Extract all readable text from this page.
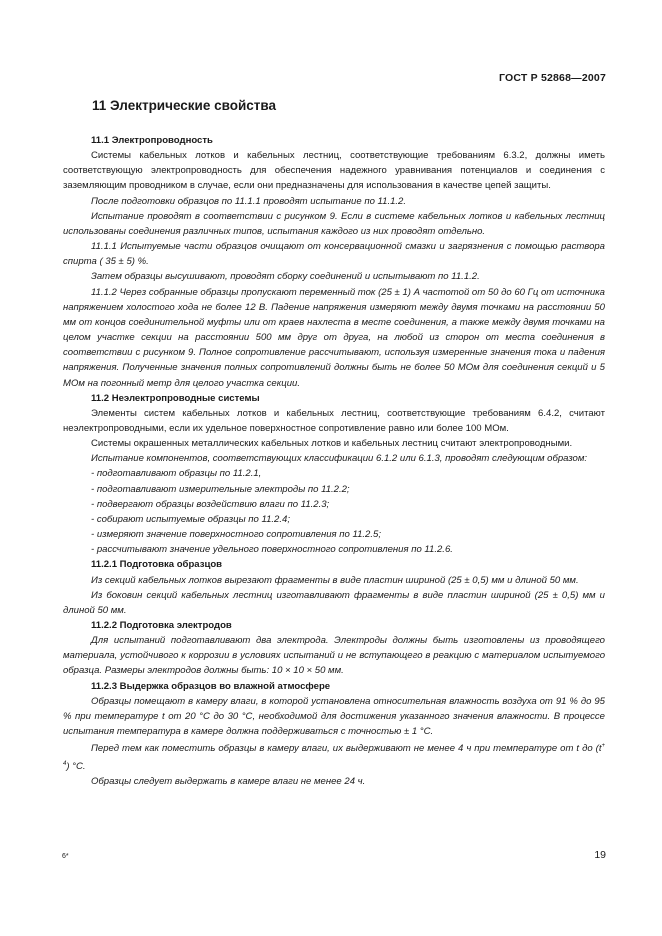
ГОСТ Р 52868—2007
11 Электрические свойства
11.1 Электропроводность

Системы кабельных лотков и кабельных лестниц, соответствующие требованиям 6.3.2, должны иметь соответствующую электропроводность для обеспечения надежного уравнивания потенциалов и соединения с заземляющим проводником в случае, если они предназначены для использования в качестве цепей защиты.

После подготовки образцов по 11.1.1 проводят испытание по 11.1.2.

Испытание проводят в соответствии с рисунком 9. Если в системе кабельных лотков и кабельных лестниц использованы соединения различных типов, испытания каждого из них проводят отдельно.

11.1.1 Испытуемые части образцов очищают от консервационной смазки и загрязнения с помощью раствора спирта ( 35 ± 5) %.

Затем образцы высушивают, проводят сборку соединений и испытывают по 11.1.2.

11.1.2 Через собранные образцы пропускают переменный ток (25 ± 1) А частотой от 50 до 60 Гц от источника напряжением холостого хода не более 12 В. Падение напряжения измеряют между двумя точками на расстоянии 50 мм от концов соединительной муфты или от краев нахлеста в месте соединения, а также между двумя точками на целом участке секции на расстоянии 500 мм друг от друга, на любой из сторон от места соединения в соответствии с рисунком 9. Полное сопротивление рассчитывают, используя измеренные значения тока и падения напряжения. Полученные значения полных сопротивлений должны быть не более 50 МОм для соединения секций и 5 МОм на погонный метр для целого участка секции.

11.2 Неэлектропроводные системы

Элементы систем кабельных лотков и кабельных лестниц, соответствующие требованиям 6.4.2, считают неэлектропроводными, если их удельное поверхностное сопротивление равно или более 100 МОм.

Системы окрашенных металлических кабельных лотков и кабельных лестниц считают электропроводными.

Испытание компонентов, соответствующих классификации 6.1.2 или 6.1.3, проводят следующим образом:

- подготавливают образцы по 11.2.1,

- подготавливают измерительные электроды по 11.2.2;

- подвергают образцы воздействию влаги по 11.2.3;

- собирают испытуемые образцы по 11.2.4;

- измеряют значение поверхностного сопротивления по 11.2.5;

- рассчитывают значение удельного поверхностного сопротивления по 11.2.6.

11.2.1 Подготовка образцов

Из секций кабельных лотков вырезают фрагменты в виде пластин шириной (25 ± 0,5) мм и длиной 50 мм.

Из боковин секций кабельных лестниц изготавливают фрагменты в виде пластин шириной (25 ± 0,5) мм и длиной 50 мм.

11.2.2 Подготовка электродов

Для испытаний подготавливают два электрода. Электроды должны быть изготовлены из проводящего материала, устойчивого к коррозии в условиях испытаний и не вступающего в реакцию с материалом испытуемого образца. Размеры электродов должны быть: 10 × 10 × 50 мм.

11.2.3 Выдержка образцов во влажной атмосфере

Образцы помещают в камеру влаги, в которой установлена относительная влажность воздуха от 91 % до 95 % при температуре t от 20 °С до 30 °С, необходимой для достижения указанного значения влажности. В процессе испытания температура в камере должна поддерживаться с точностью ± 1 °С.

Перед тем как поместить образцы в камеру влаги, их выдерживают не менее 4 ч при температуре от t до $(t^{+ 4})$ °С.

Образцы следует выдержать в камере влаги не менее 24 ч.

6*	19
